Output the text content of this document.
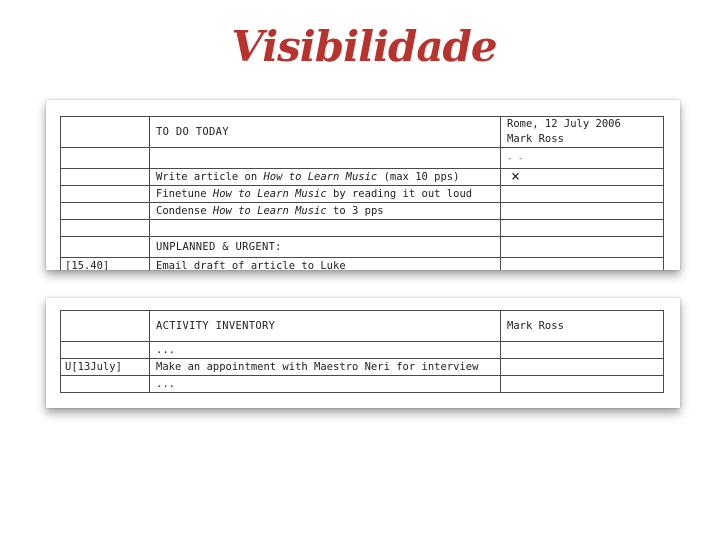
Visibilidade
	TO DO TODAY	Rome, 12 July 2006
Mark Ross

		- -
	Write article on How to Learn Music (max 10 pps)	×
	Finetune How to Learn Music by reading it out loud	
	Condense How to Learn Music to 3 pps	

	UNPLANNED & URGENT:	
[15.40]	Email draft of article to Luke	
	ACTIVITY INVENTORY	Mark Ross
	...	
U[13July]	Make an appointment with Maestro Neri for interview	
	...	
